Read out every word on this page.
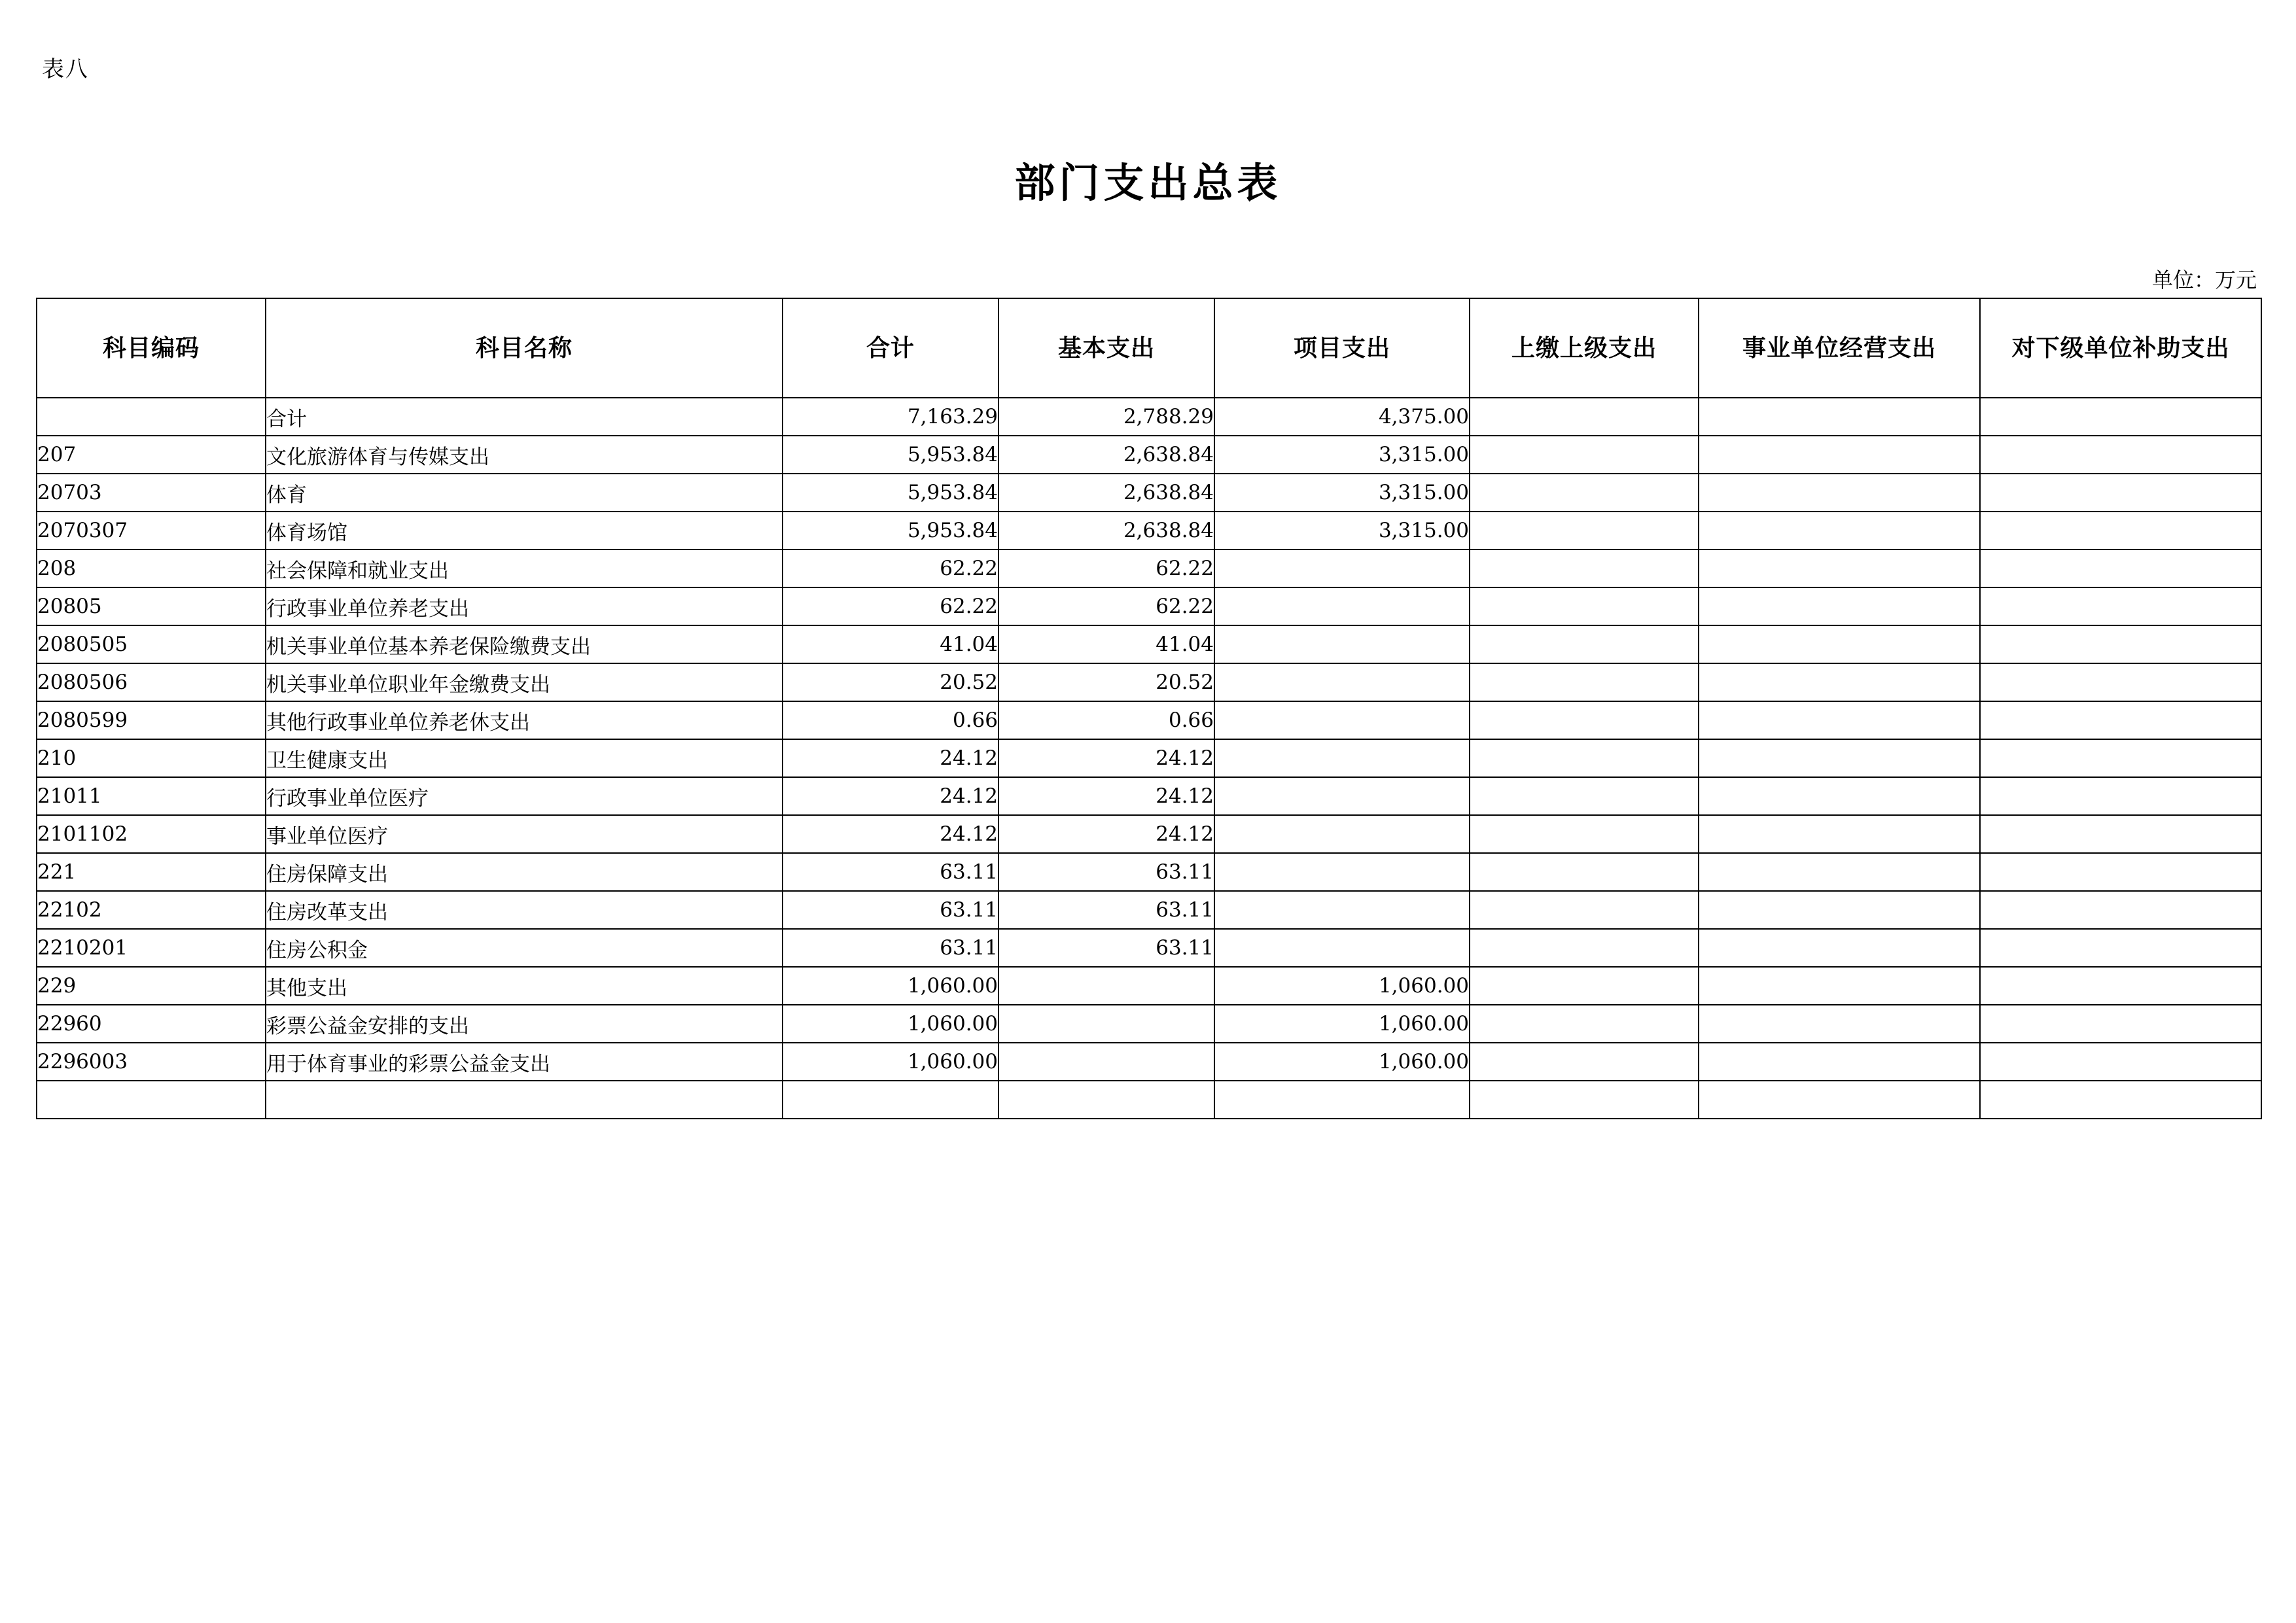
表八
部门支出总表
单位：万元
科目编码	科目名称	合计	基本支出	项目支出	上缴上级支出	事业单位经营支出	对下级单位补助支出
	合计	7,163.29	2,788.29	4,375.00			
207	文化旅游体育与传媒支出	5,953.84	2,638.84	3,315.00			
20703	体育	5,953.84	2,638.84	3,315.00			
2070307	体育场馆	5,953.84	2,638.84	3,315.00			
208	社会保障和就业支出	62.22	62.22				
20805	行政事业单位养老支出	62.22	62.22				
2080505	机关事业单位基本养老保险缴费支出	41.04	41.04				
2080506	机关事业单位职业年金缴费支出	20.52	20.52				
2080599	其他行政事业单位养老休支出	0.66	0.66				
210	卫生健康支出	24.12	24.12				
21011	行政事业单位医疗	24.12	24.12				
2101102	事业单位医疗	24.12	24.12				
221	住房保障支出	63.11	63.11				
22102	住房改革支出	63.11	63.11				
2210201	住房公积金	63.11	63.11				
229	其他支出	1,060.00		1,060.00			
22960	彩票公益金安排的支出	1,060.00		1,060.00			
2296003	用于体育事业的彩票公益金支出	1,060.00		1,060.00			
